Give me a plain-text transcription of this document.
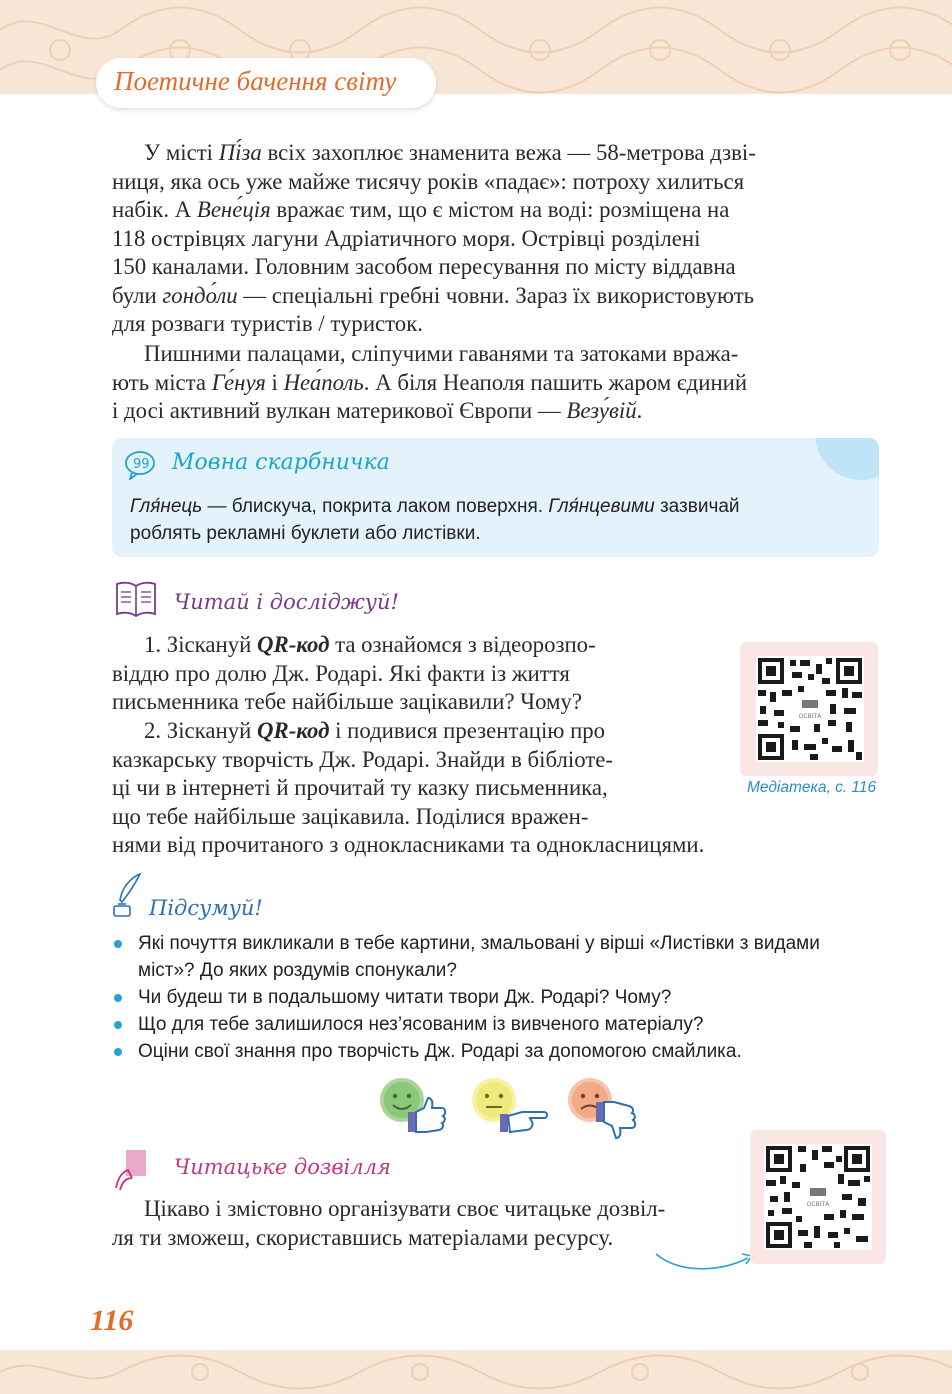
Поетичне бачення світу
У місті Пі́за всіх захоплює знаменита вежа — 58-метрова дзві-
ниця, яка ось уже майже тисячу років «падає»: потроху хилиться
набік. А Вене́ція вражає тим, що є містом на воді: розміщена на
118 острівцях лагуни Адріатичного моря. Острівці розділені
150 каналами. Головним засобом пересування по місту віддавна
були гондо́ли — спеціальні гребні човни. Зараз їх використовують
для розваги туристів / туристок.
Пишними палацами, сліпучими гаванями та затоками вража-
ють міста Ге́нуя і Неа́поль. А біля Неаполя пашить жаром єдиний
і досі активний вулкан материкової Європи — Везу́вій.
99 Мовна скарбничка
Гля́нець — блискуча, покрита лаком поверхня. Гля́нцевими зазвичай
роблять рекламні буклети або листівки.
Читай і досліджуй!
1. Зіскануй QR-код та ознайомся з відеорозпо-
віддю про долю Дж. Родарі. Які факти із життя
письменника тебе найбільше зацікавили? Чому?
2. Зіскануй QR-код і подивися презентацію про
казкарську творчість Дж. Родарі. Знайди в бібліоте-
ці чи в інтернеті й прочитай ту казку письменника,
що тебе найбільше зацікавила. Поділися вражен-
нями від прочитаного з однокласниками та однокласницями.
ОСВІТА
Медіатека, с. 116
Підсумуй!
Які почуття викликали в тебе картини, змальовані у вірші «Листівки з видами
міст»? До яких роздумів спонукали?
Чи будеш ти в подальшому читати твори Дж. Родарі? Чому?
Що для тебе залишилося нез’ясованим із вивченого матеріалу?
Оціни свої знання про творчість Дж. Родарі за допомогою смайлика.
Читацьке дозвілля
Цікаво і змістовно організувати своє читацьке дозвіл-
ля ти зможеш, скориставшись матеріалами ресурсу.
ОСВІТА
116
